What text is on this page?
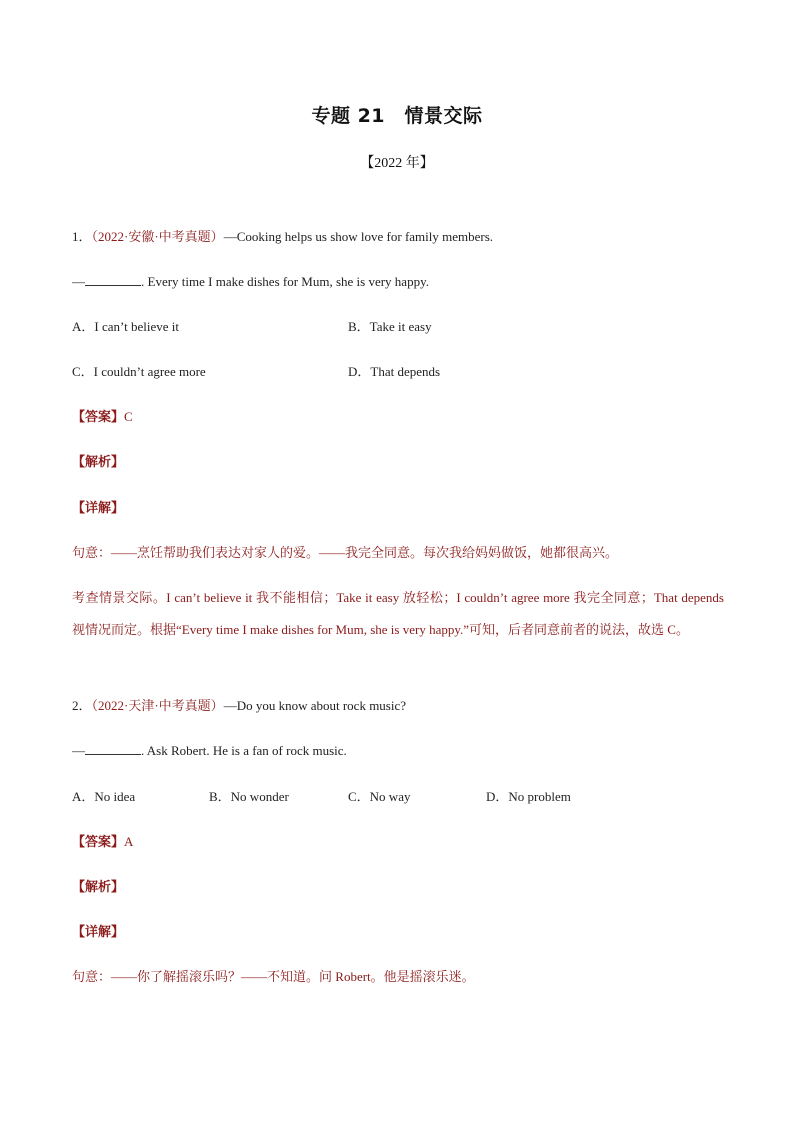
专题 21　情景交际
【2022 年】
1．（2022·安徽·中考真题）—Cooking helps us show love for family members.
—	. Every time I make dishes for Mum, she is very happy.
A．I can’t believe it	B．Take it easy
C．I couldn’t agree more	D．That depends
【答案】C
【解析】
【详解】
句意：——烹饪帮助我们表达对家人的爱。——我完全同意。每次我给妈妈做饭，她都很高兴。
考查情景交际。I can’t believe it 我不能相信；Take it easy 放轻松；I couldn’t agree more 我完全同意；That depends 视情况而定。根据“Every time I make dishes for Mum, she is very happy.”可知，后者同意前者的说法，故选 C。
2．（2022·天津·中考真题）—Do you know about rock music?
—	. Ask Robert. He is a fan of rock music.
A．No idea	B．No wonder	C．No way	D．No problem
【答案】A
【解析】
【详解】
句意：——你了解摇滚乐吗？——不知道。问 Robert。他是摇滚乐迷。
